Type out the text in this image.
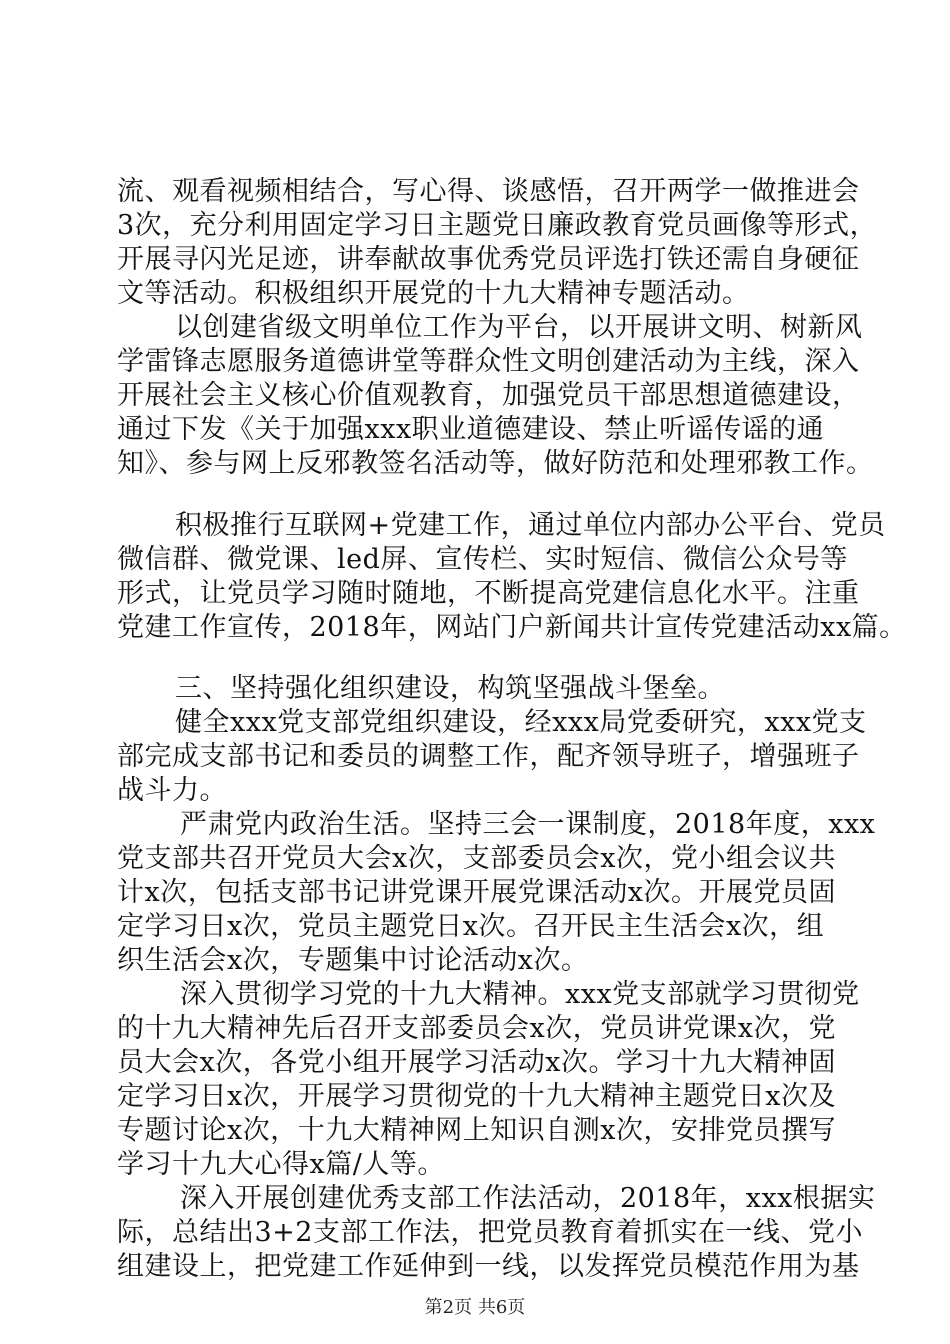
流、观看视频相结合，写心得、谈感悟，召开两学一做推进会
3次，充分利用固定学习日主题党日廉政教育党员画像等形式，
开展寻闪光足迹，讲奉献故事优秀党员评选打铁还需自身硬征
文等活动。积极组织开展党的十九大精神专题活动。
以创建省级文明单位工作为平台，以开展讲文明、树新风
学雷锋志愿服务道德讲堂等群众性文明创建活动为主线，深入
开展社会主义核心价值观教育，加强党员干部思想道德建设，
通过下发《关于加强xxx职业道德建设、禁止听谣传谣的通
知》、参与网上反邪教签名活动等，做好防范和处理邪教工作。
积极推行互联网+党建工作，通过单位内部办公平台、党员
微信群、微党课、led屏、宣传栏、实时短信、微信公众号等
形式，让党员学习随时随地，不断提高党建信息化水平。注重
党建工作宣传，2018年，网站门户新闻共计宣传党建活动xx篇。
三、坚持强化组织建设，构筑坚强战斗堡垒。
健全xxx党支部党组织建设，经xxx局党委研究，xxx党支
部完成支部书记和委员的调整工作，配齐领导班子，增强班子
战斗力。
严肃党内政治生活。坚持三会一课制度，2018年度，xxx
党支部共召开党员大会x次，支部委员会x次，党小组会议共
计x次，包括支部书记讲党课开展党课活动x次。开展党员固
定学习日x次，党员主题党日x次。召开民主生活会x次，组
织生活会x次，专题集中讨论活动x次。
深入贯彻学习党的十九大精神。xxx党支部就学习贯彻党
的十九大精神先后召开支部委员会x次，党员讲党课x次，党
员大会x次，各党小组开展学习活动x次。学习十九大精神固
定学习日x次，开展学习贯彻党的十九大精神主题党日x次及
专题讨论x次，十九大精神网上知识自测x次，安排党员撰写
学习十九大心得x篇/人等。
深入开展创建优秀支部工作法活动，2018年，xxx根据实
际，总结出3+2支部工作法，把党员教育着抓实在一线、党小
组建设上，把党建工作延伸到一线，以发挥党员模范作用为基
第2页 共6页
